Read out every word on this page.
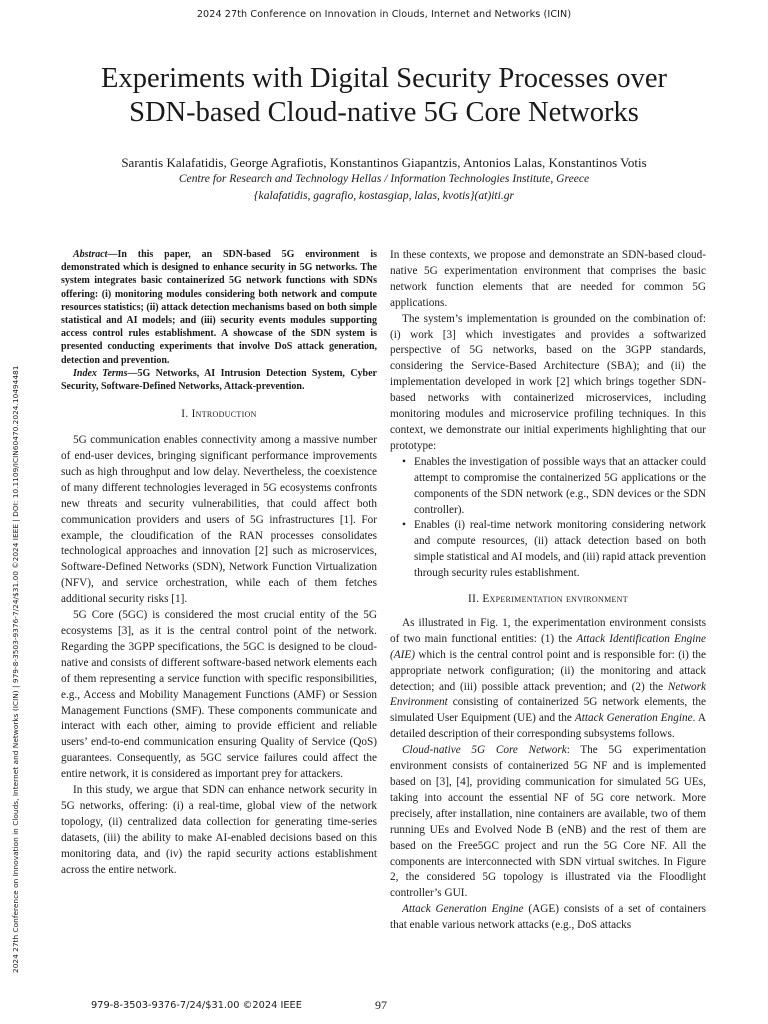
2024 27th Conference on Innovation in Clouds, Internet and Networks (ICIN)
2024 27th Conference on Innovation in Clouds, Internet and Networks (ICIN) | 979-8-3503-9376-7/24/$31.00 ©2024 IEEE | DOI: 10.1109/ICIN60470.2024.10494481
Experiments with Digital Security Processes over
SDN-based Cloud-native 5G Core Networks
Sarantis Kalafatidis, George Agrafiotis, Konstantinos Giapantzis, Antonios Lalas, Konstantinos Votis
Centre for Research and Technology Hellas / Information Technologies Institute, Greece
{kalafatidis, gagrafio, kostasgiap, lalas, kvotis}(at)iti.gr

Abstract—In this paper, an SDN-based 5G environment is demonstrated which is designed to enhance security in 5G networks. The system integrates basic containerized 5G network functions with SDNs offering: (i) monitoring modules considering both network and compute resources statistics; (ii) attack detection mechanisms based on both simple statistical and AI models; and (iii) security events modules supporting access control rules establishment. A showcase of the SDN system is presented conducting experiments that involve DoS attack generation, detection and prevention.

Index Terms—5G Networks, AI Intrusion Detection System, Cyber Security, Software-Defined Networks, Attack-prevention.

I. Introduction

5G communication enables connectivity among a massive number of end-user devices, bringing significant performance improvements such as high throughput and low delay. Nevertheless, the coexistence of many different technologies leveraged in 5G ecosystems confronts new threats and security vulnerabilities, that could affect both communication providers and users of 5G infrastructures [1]. For example, the cloudification of the RAN processes consolidates technological approaches and innovation [2] such as microservices, Software-Defined Networks (SDN), Network Function Virtualization (NFV), and service orchestration, while each of them fetches additional security risks [1].

5G Core (5GC) is considered the most crucial entity of the 5G ecosystems [3], as it is the central control point of the network. Regarding the 3GPP specifications, the 5GC is designed to be cloud-native and consists of different software-based network elements each of them representing a service function with specific responsibilities, e.g., Access and Mobility Management Functions (AMF) or Session Management Functions (SMF). These components communicate and interact with each other, aiming to provide efficient and reliable users’ end-to-end communication ensuring Quality of Service (QoS) guarantees. Consequently, as 5GC service failures could affect the entire network, it is considered as important prey for attackers.

In this study, we argue that SDN can enhance network security in 5G networks, offering: (i) a real-time, global view of the network topology, (ii) centralized data collection for generating time-series datasets, (iii) the ability to make AI-enabled decisions based on this monitoring data, and (iv) the rapid security actions establishment across the entire network.

In these contexts, we propose and demonstrate an SDN-based cloud-native 5G experimentation environment that comprises the basic network function elements that are needed for common 5G applications.

The system’s implementation is grounded on the combination of: (i) work [3] which investigates and provides a softwarized perspective of 5G networks, based on the 3GPP standards, considering the Service-Based Architecture (SBA); and (ii) the implementation developed in work [2] which brings together SDN-based networks with containerized microservices, including monitoring modules and microservice profiling techniques. In this context, we demonstrate our initial experiments highlighting that our prototype:

• Enables the investigation of possible ways that an attacker could attempt to compromise the containerized 5G applications or the components of the SDN network (e.g., SDN devices or the SDN controller).
• Enables (i) real-time network monitoring considering network and compute resources, (ii) attack detection based on both simple statistical and AI models, and (iii) rapid attack prevention through security rules establishment.
II. Experimentation environment

As illustrated in Fig. 1, the experimentation environment consists of two main functional entities: (1) the Attack Identification Engine (AIE) which is the central control point and is responsible for: (i) the appropriate network configuration; (ii) the monitoring and attack detection; and (iii) possible attack prevention; and (2) the Network Environment consisting of containerized 5G network elements, the simulated User Equipment (UE) and the Attack Generation Engine. A detailed description of their corresponding subsystems follows.

Cloud-native 5G Core Network: The 5G experimentation environment consists of containerized 5G NF and is implemented based on [3], [4], providing communication for simulated 5G UEs, taking into account the essential NF of 5G core network. More precisely, after installation, nine containers are available, two of them running UEs and Evolved Node B (eNB) and the rest of them are based on the Free5GC project and run the 5G Core NF. All the components are interconnected with SDN virtual switches. In Figure 2, the considered 5G topology is illustrated via the Floodlight controller’s GUI.

Attack Generation Engine (AGE) consists of a set of containers that enable various network attacks (e.g., DoS attacks

979-8-3503-9376-7/24/$31.00 ©2024 IEEE	97
